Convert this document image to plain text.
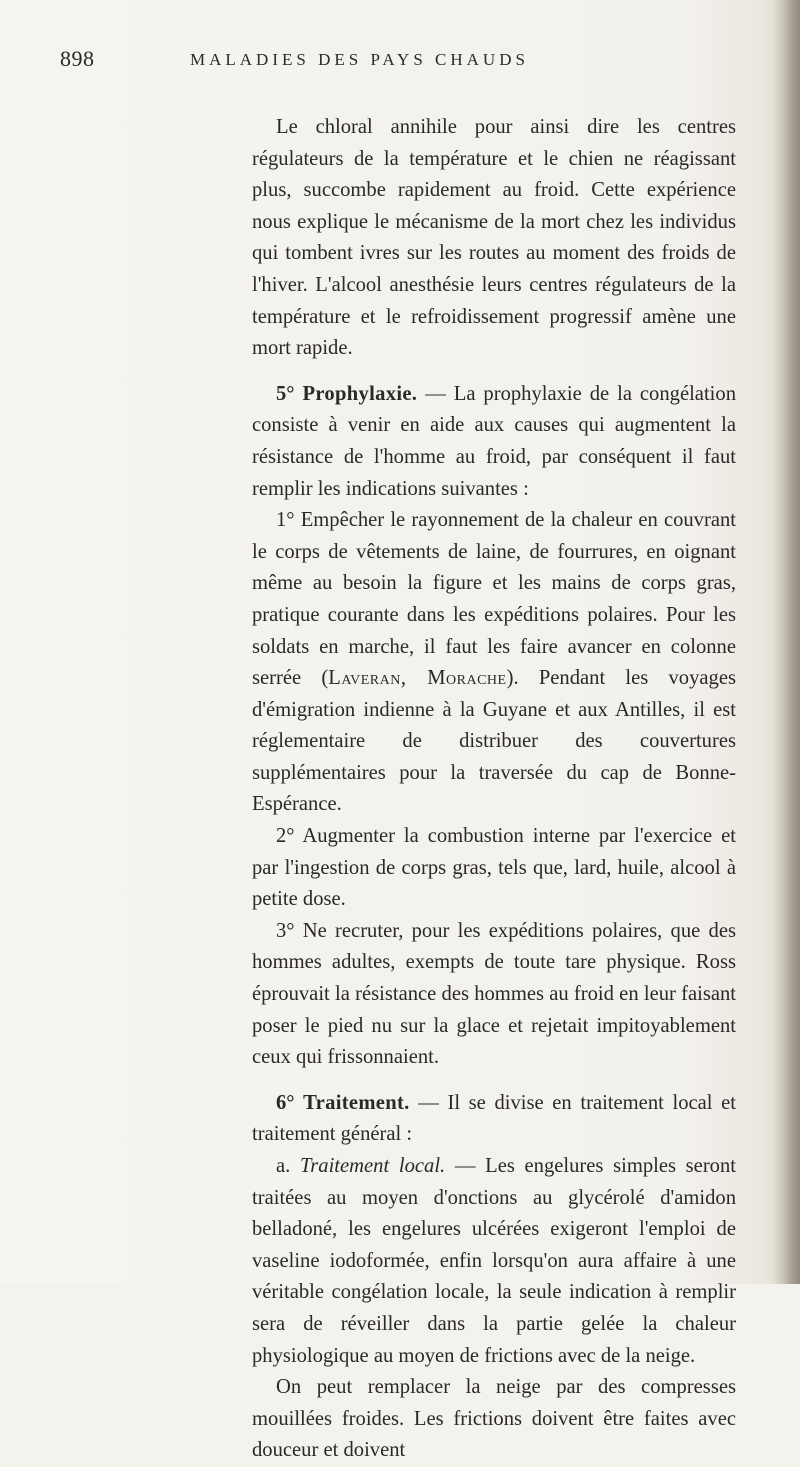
898	MALADIES DES PAYS CHAUDS

Le chloral annihile pour ainsi dire les centres régulateurs de la température et le chien ne réagissant plus, succombe rapidement au froid. Cette expérience nous explique le mécanisme de la mort chez les individus qui tombent ivres sur les routes au moment des froids de l'hiver. L'alcool anesthésie leurs centres régulateurs de la température et le refroidissement progressif amène une mort rapide.

5° Prophylaxie. — La prophylaxie de la congélation consiste à venir en aide aux causes qui augmentent la résistance de l'homme au froid, par conséquent il faut remplir les indications suivantes :

1° Empêcher le rayonnement de la chaleur en couvrant le corps de vêtements de laine, de fourrures, en oignant même au besoin la figure et les mains de corps gras, pratique courante dans les expéditions polaires. Pour les soldats en marche, il faut les faire avancer en colonne serrée (Laveran, Morache). Pendant les voyages d'émigration indienne à la Guyane et aux Antilles, il est réglementaire de distribuer des couvertures supplémentaires pour la traversée du cap de Bonne-Espérance.

2° Augmenter la combustion interne par l'exercice et par l'ingestion de corps gras, tels que, lard, huile, alcool à petite dose.

3° Ne recruter, pour les expéditions polaires, que des hommes adultes, exempts de toute tare physique. Ross éprouvait la résistance des hommes au froid en leur faisant poser le pied nu sur la glace et rejetait impitoyablement ceux qui frissonnaient.

6° Traitement. — Il se divise en traitement local et traitement général :

a. Traitement local. — Les engelures simples seront traitées au moyen d'onctions au glycérolé d'amidon belladoné, les engelures ulcérées exigeront l'emploi de vaseline iodoformée, enfin lorsqu'on aura affaire à une véritable congélation locale, la seule indication à remplir sera de réveiller dans la partie gelée la chaleur physiologique au moyen de frictions avec de la neige.

On peut remplacer la neige par des compresses mouillées froides. Les frictions doivent être faites avec douceur et doivent
